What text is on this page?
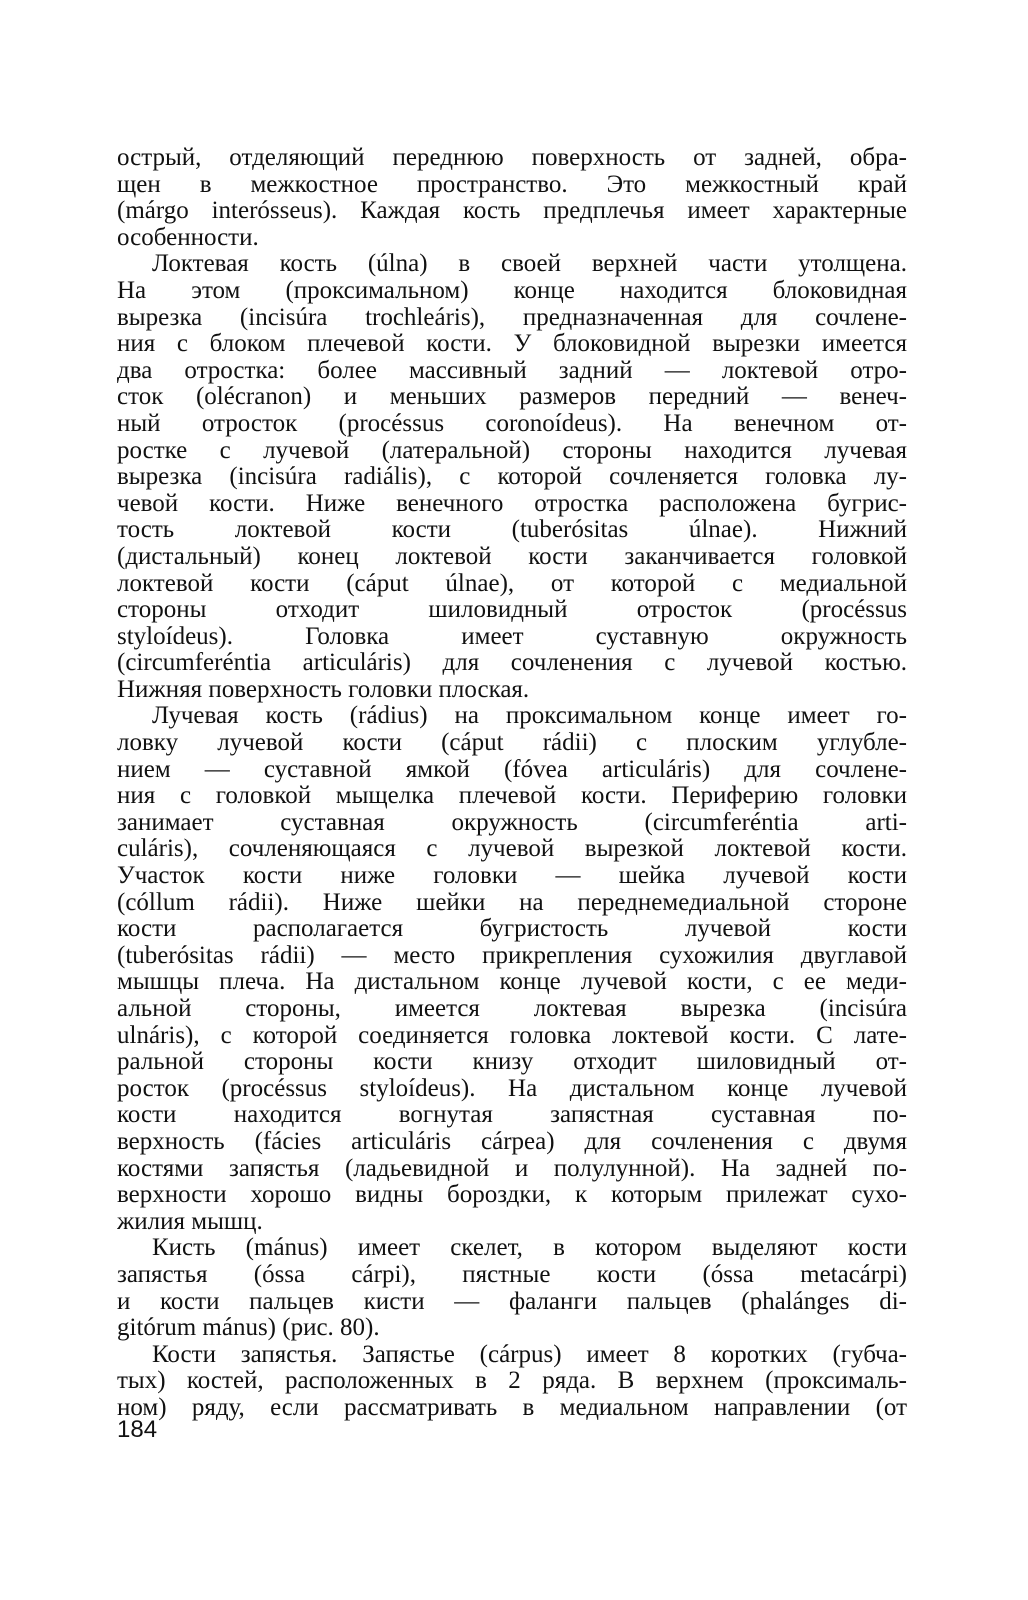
острый, отделяющий переднюю поверхность от задней, обра-
щен в межкостное пространство. Это межкостный край
(márgo interósseus). Каждая кость предплечья имеет характерные
особенности.

Локтевая кость (úlna) в своей верхней части утолщена.
На этом (проксимальном) конце находится блоковидная
вырезка (incisúra trochleáris), предназначенная для сочлене-
ния с блоком плечевой кости. У блоковидной вырезки имеется
два отростка: более массивный задний — локтевой отро-
сток (olécranon) и меньших размеров передний — венеч-
ный отросток (procéssus coronoídeus). На венечном от-
ростке с лучевой (латеральной) стороны находится лучевая
вырезка (incisúra radiális), с которой сочленяется головка лу-
чевой кости. Ниже венечного отростка расположена бугрис-
тость локтевой кости (tuberósitas úlnae). Нижний
(дистальный) конец локтевой кости заканчивается головкой
локтевой кости (cáput úlnae), от которой с медиальной
стороны отходит шиловидный отросток (procéssus
styloídeus). Головка имеет суставную окружность
(circumferéntia articuláris) для сочленения с лучевой костью.
Нижняя поверхность головки плоская.

Лучевая кость (rádius) на проксимальном конце имеет го-
ловку лучевой кости (cáput rádii) с плоским углубле-
нием — суставной ямкой (fóvea articuláris) для сочлене-
ния с головкой мыщелка плечевой кости. Периферию головки
занимает суставная окружность (circumferéntia arti-
culáris), сочленяющаяся с лучевой вырезкой локтевой кости.
Участок кости ниже головки — шейка лучевой кости
(cóllum rádii). Ниже шейки на переднемедиальной стороне
кости располагается бугристость лучевой кости
(tuberósitas rádii) — место прикрепления сухожилия двуглавой
мышцы плеча. На дистальном конце лучевой кости, с ее меди-
альной стороны, имеется локтевая вырезка (incisúra
ulnáris), с которой соединяется головка локтевой кости. С лате-
ральной стороны кости книзу отходит шиловидный от-
росток (procéssus styloídeus). На дистальном конце лучевой
кости находится вогнутая запястная суставная по-
верхность (fácies articuláris cárpea) для сочленения с двумя
костями запястья (ладьевидной и полулунной). На задней по-
верхности хорошо видны бороздки, к которым прилежат сухо-
жилия мышц.

Кисть (mánus) имеет скелет, в котором выделяют кости
запястья (óssa cárpi), пястные кости (óssa metacárpi)
и кости пальцев кисти — фаланги пальцев (phalánges di-
gitórum mánus) (рис. 80).

Кости запястья. Запястье (cárpus) имеет 8 коротких (губча-
тых) костей, расположенных в 2 ряда. В верхнем (проксималь-
ном) ряду, если рассматривать в медиальном направлении (от

184
